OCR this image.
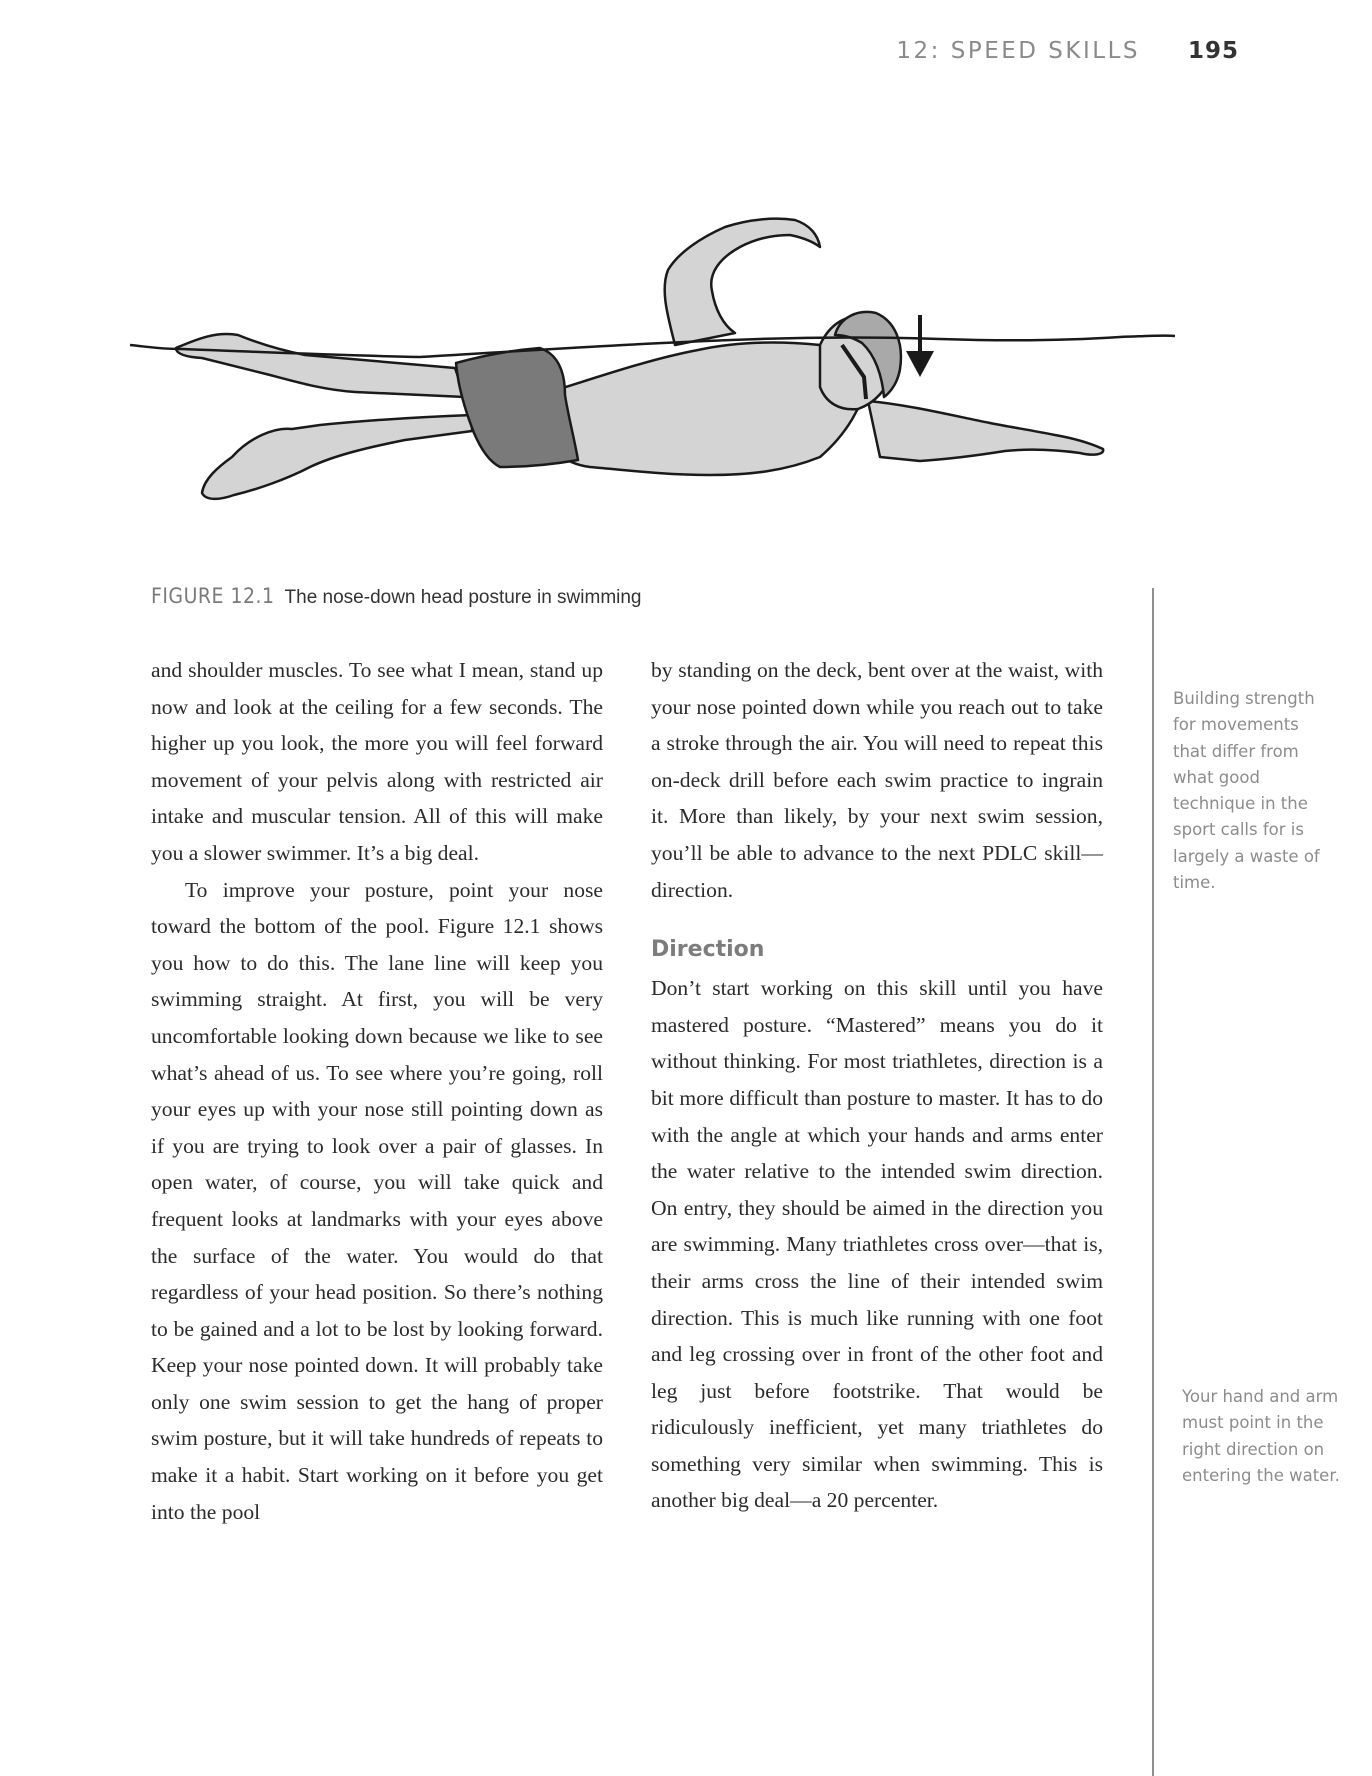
12: SPEED SKILLS 195
FIGURE 12.1 The nose-down head posture in swimming

and shoulder muscles. To see what I mean, stand up now and look at the ceiling for a few seconds. The higher up you look, the more you will feel forward movement of your pelvis along with restricted air intake and muscular tension. All of this will make you a slower swimmer. It’s a big deal.

To improve your posture, point your nose toward the bottom of the pool. Figure 12.1 shows you how to do this. The lane line will keep you swimming straight. At first, you will be very uncomfortable looking down because we like to see what’s ahead of us. To see where you’re going, roll your eyes up with your nose still pointing down as if you are trying to look over a pair of glasses. In open water, of course, you will take quick and frequent looks at landmarks with your eyes above the surface of the water. You would do that regardless of your head position. So there’s nothing to be gained and a lot to be lost by looking forward. Keep your nose pointed down. It will probably take only one swim session to get the hang of proper swim posture, but it will take hundreds of repeats to make it a habit. Start working on it before you get into the pool

by standing on the deck, bent over at the waist, with your nose pointed down while you reach out to take a stroke through the air. You will need to repeat this on-deck drill before each swim practice to ingrain it. More than likely, by your next swim session, you’ll be able to advance to the next PDLC skill—direction.

Direction

Don’t start working on this skill until you have mastered posture. “Mastered” means you do it without thinking. For most triathletes, direction is a bit more difficult than posture to master. It has to do with the angle at which your hands and arms enter the water relative to the intended swim direction. On entry, they should be aimed in the direction you are swimming. Many triathletes cross over—that is, their arms cross the line of their intended swim direction. This is much like running with one foot and leg crossing over in front of the other foot and leg just before footstrike. That would be ridiculously inefficient, yet many triathletes do something very similar when swimming. This is another big deal—a 20 percenter.

Building strength for movements that differ from what good technique in the sport calls for is largely a waste of time.
Your hand and arm must point in the right direction on entering the water.
